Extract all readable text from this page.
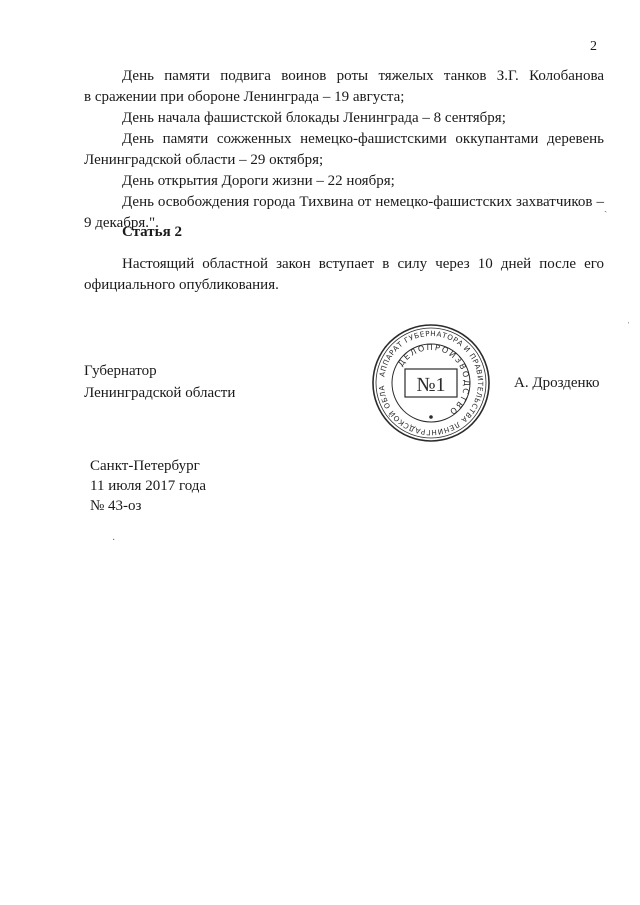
2
День памяти подвига воинов роты тяжелых танков З.Г. Колобанова
в сражении при обороне Ленинграда – 19 августа;
День начала фашистской блокады Ленинграда – 8 сентября;
День памяти сожженных немецко-фашистскими оккупантами деревень
Ленинградской области – 29 октября;
День открытия Дороги жизни – 22 ноября;
День освобождения города Тихвина от немецко-фашистских захватчиков –
9 декабря.".
ˏ
Статья 2
Настоящий областной закон вступает в силу через 10 дней после его
официального опубликования.
Губернатор
Ленинградской области
АППАРАТ ГУБЕРНАТОРА И ПРАВИТЕЛЬСТВА ЛЕНИНГРАДСКОЙ ОБЛА
ДЕЛОПРОИЗВОДСТВО
№1	А. Дрозденко
Санкт-Петербург
11 июля 2017 года
№ 43-оз
ˈ
·
